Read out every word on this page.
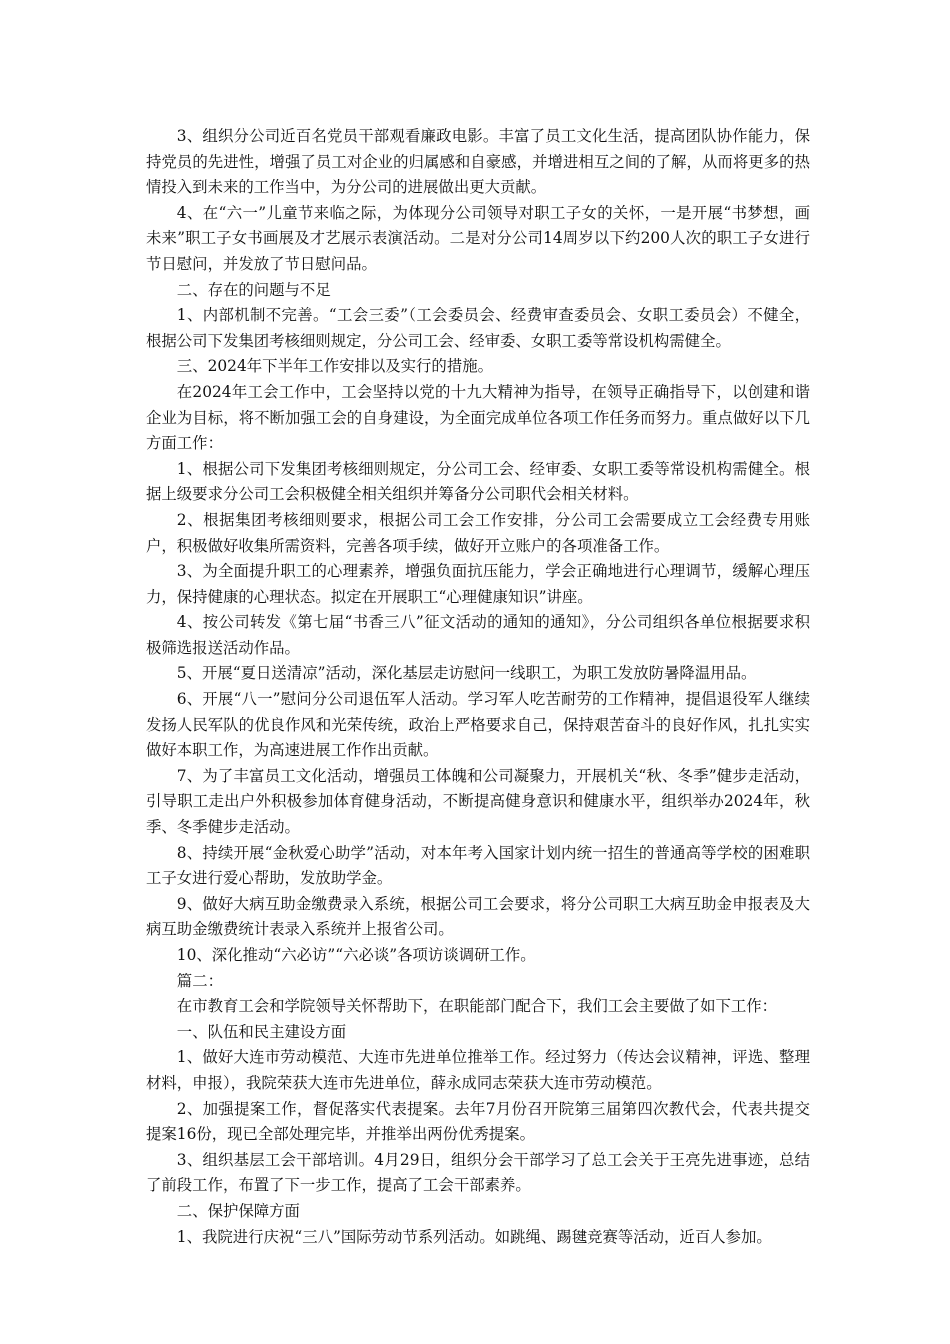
3、组织分公司近百名党员干部观看廉政电影。丰富了员工文化生活，提高团队协作能力，保持党员的先进性，增强了员工对企业的归属感和自豪感，并增进相互之间的了解，从而将更多的热情投入到未来的工作当中，为分公司的进展做出更大贡献。

4、在“六一”儿童节来临之际，为体现分公司领导对职工子女的关怀，一是开展“书梦想，画未来”职工子女书画展及才艺展示表演活动。二是对分公司14周岁以下约200人次的职工子女进行节日慰问，并发放了节日慰问品。

二、存在的问题与不足

1、内部机制不完善。“工会三委”（工会委员会、经费审查委员会、女职工委员会）不健全，根据公司下发集团考核细则规定，分公司工会、经审委、女职工委等常设机构需健全。

三、2024年下半年工作安排以及实行的措施。

在2024年工会工作中，工会坚持以党的十九大精神为指导，在领导正确指导下，以创建和谐企业为目标，将不断加强工会的自身建设，为全面完成单位各项工作任务而努力。重点做好以下几方面工作：

1、根据公司下发集团考核细则规定，分公司工会、经审委、女职工委等常设机构需健全。根据上级要求分公司工会积极健全相关组织并筹备分公司职代会相关材料。

2、根据集团考核细则要求，根据公司工会工作安排，分公司工会需要成立工会经费专用账户，积极做好收集所需资料，完善各项手续，做好开立账户的各项准备工作。

3、为全面提升职工的心理素养，增强负面抗压能力，学会正确地进行心理调节，缓解心理压力，保持健康的心理状态。拟定在开展职工“心理健康知识”讲座。

4、按公司转发《第七届“书香三八”征文活动的通知的通知》，分公司组织各单位根据要求积极筛选报送活动作品。

5、开展“夏日送清凉”活动，深化基层走访慰问一线职工，为职工发放防暑降温用品。

6、开展“八一”慰问分公司退伍军人活动。学习军人吃苦耐劳的工作精神，提倡退役军人继续发扬人民军队的优良作风和光荣传统，政治上严格要求自己，保持艰苦奋斗的良好作风，扎扎实实做好本职工作，为高速进展工作作出贡献。

7、为了丰富员工文化活动，增强员工体魄和公司凝聚力，开展机关“秋、冬季”健步走活动，引导职工走出户外积极参加体育健身活动，不断提高健身意识和健康水平，组织举办2024年，秋季、冬季健步走活动。

8、持续开展“金秋爱心助学”活动，对本年考入国家计划内统一招生的普通高等学校的困难职工子女进行爱心帮助，发放助学金。

9、做好大病互助金缴费录入系统，根据公司工会要求，将分公司职工大病互助金申报表及大病互助金缴费统计表录入系统并上报省公司。

10、深化推动“六必访”“六必谈”各项访谈调研工作。

篇二：

在市教育工会和学院领导关怀帮助下，在职能部门配合下，我们工会主要做了如下工作：

一、队伍和民主建设方面

1、做好大连市劳动模范、大连市先进单位推举工作。经过努力（传达会议精神，评选、整理材料，申报），我院荣获大连市先进单位，薛永成同志荣获大连市劳动模范。

2、加强提案工作，督促落实代表提案。去年7月份召开院第三届第四次教代会，代表共提交提案16份，现已全部处理完毕，并推举出两份优秀提案。

3、组织基层工会干部培训。4月29日，组织分会干部学习了总工会关于王亮先进事迹，总结了前段工作，布置了下一步工作，提高了工会干部素养。

二、保护保障方面

1、我院进行庆祝“三八”国际劳动节系列活动。如跳绳、踢毽竞赛等活动，近百人参加。
